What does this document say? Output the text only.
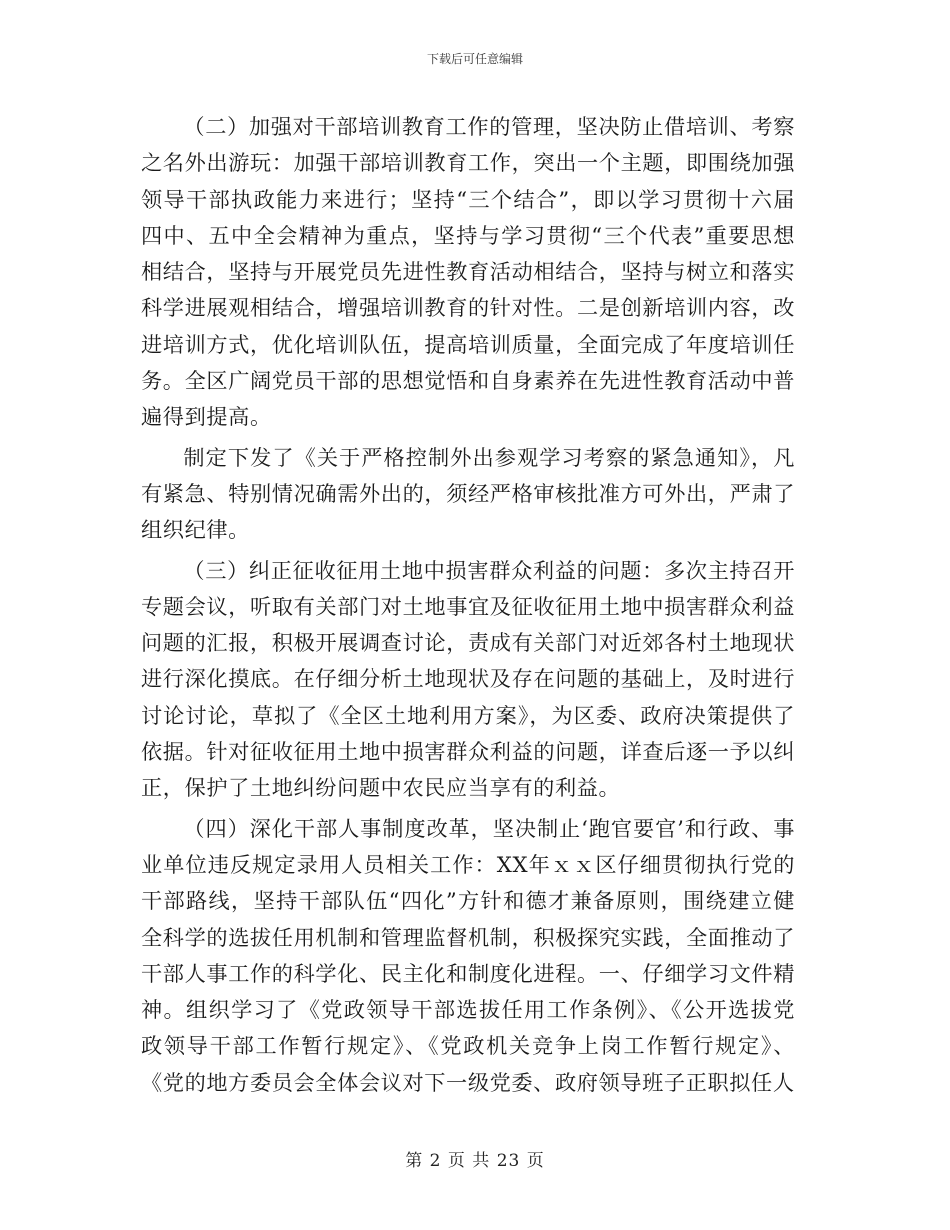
下载后可任意编辑

（二）加强对干部培训教育工作的管理，坚决防止借培训、考察之名外出游玩：加强干部培训教育工作，突出一个主题，即围绕加强领导干部执政能力来进行；坚持“三个结合”，即以学习贯彻十六届四中、五中全会精神为重点，坚持与学习贯彻“三个代表”重要思想相结合，坚持与开展党员先进性教育活动相结合，坚持与树立和落实科学进展观相结合，增强培训教育的针对性。二是创新培训内容，改进培训方式，优化培训队伍，提高培训质量，全面完成了年度培训任务。全区广阔党员干部的思想觉悟和自身素养在先进性教育活动中普遍得到提高。

制定下发了《关于严格控制外出参观学习考察的紧急通知》，凡有紧急、特别情况确需外出的，须经严格审核批准方可外出，严肃了组织纪律。

（三）纠正征收征用土地中损害群众利益的问题：多次主持召开专题会议，听取有关部门对土地事宜及征收征用土地中损害群众利益问题的汇报，积极开展调查讨论，责成有关部门对近郊各村土地现状进行深化摸底。在仔细分析土地现状及存在问题的基础上，及时进行讨论讨论，草拟了《全区土地利用方案》，为区委、政府决策提供了依据。针对征收征用土地中损害群众利益的问题，详查后逐一予以纠正，保护了土地纠纷问题中农民应当享有的利益。

（四）深化干部人事制度改革，坚决制止‘跑官要官’和行政、事业单位违反规定录用人员相关工作：XX年ｘｘ区仔细贯彻执行党的干部路线，坚持干部队伍“四化”方针和德才兼备原则，围绕建立健全科学的选拔任用机制和管理监督机制，积极探究实践，全面推动了干部人事工作的科学化、民主化和制度化进程。一、仔细学习文件精神。组织学习了《党政领导干部选拔任用工作条例》、《公开选拔党政领导干部工作暂行规定》、《党政机关竞争上岗工作暂行规定》、《党的地方委员会全体会议对下一级党委、政府领导班子正职拟任人

第 2 页 共 23 页
